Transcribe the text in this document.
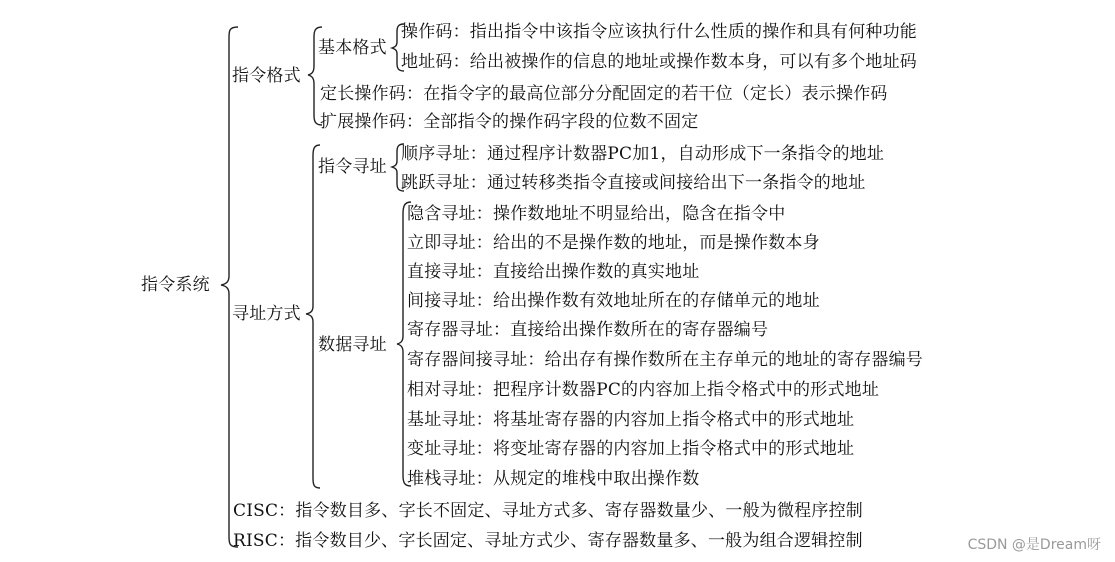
指令系统
指令格式
基本格式
操作码：指出指令中该指令应该执行什么性质的操作和具有何种功能
地址码：给出被操作的信息的地址或操作数本身，可以有多个地址码
定长操作码：在指令字的最高位部分分配固定的若干位（定长）表示操作码
扩展操作码：全部指令的操作码字段的位数不固定
寻址方式
指令寻址
顺序寻址：通过程序计数器PC加1，自动形成下一条指令的地址
跳跃寻址：通过转移类指令直接或间接给出下一条指令的地址
数据寻址
隐含寻址：操作数地址不明显给出，隐含在指令中
立即寻址：给出的不是操作数的地址，而是操作数本身
直接寻址：直接给出操作数的真实地址
间接寻址：给出操作数有效地址所在的存储单元的地址
寄存器寻址：直接给出操作数所在的寄存器编号
寄存器间接寻址：给出存有操作数所在主存单元的地址的寄存器编号
相对寻址：把程序计数器PC的内容加上指令格式中的形式地址
基址寻址：将基址寄存器的内容加上指令格式中的形式地址
变址寻址：将变址寄存器的内容加上指令格式中的形式地址
堆栈寻址：从规定的堆栈中取出操作数
CISC：指令数目多、字长不固定、寻址方式多、寄存器数量少、一般为微程序控制
RISC：指令数目少、字长固定、寻址方式少、寄存器数量多、一般为组合逻辑控制	CSDN @是Dream呀
